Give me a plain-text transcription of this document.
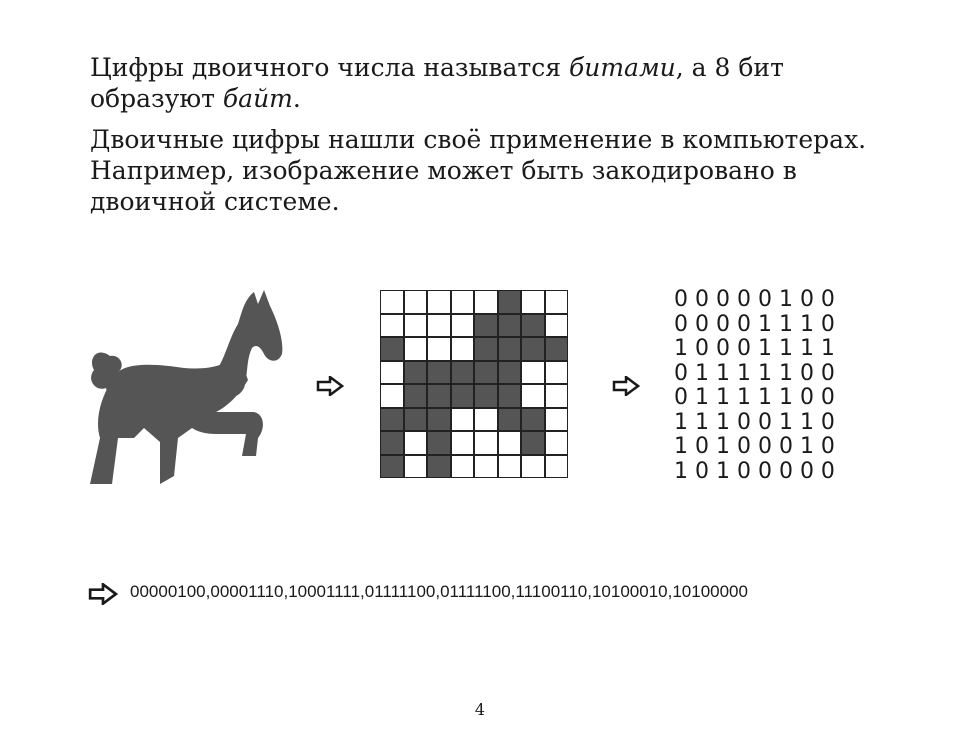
Цифры двоичного числа называтся битами, а 8 бит образуют байт.

Двоичные цифры нашли своё применение в компьютерах. Например, изображение может быть закодировано в двоичной системе.

0 0 0 0 0 1 0 0
0 0 0 0 1 1 1 0
1 0 0 0 1 1 1 1
0 1 1 1 1 1 0 0
0 1 1 1 1 1 0 0
1 1 1 0 0 1 1 0
1 0 1 0 0 0 1 0
1 0 1 0 0 0 0 0
00000100,00001110,10001111,01111100,01111100,11100110,10100010,10100000
4
